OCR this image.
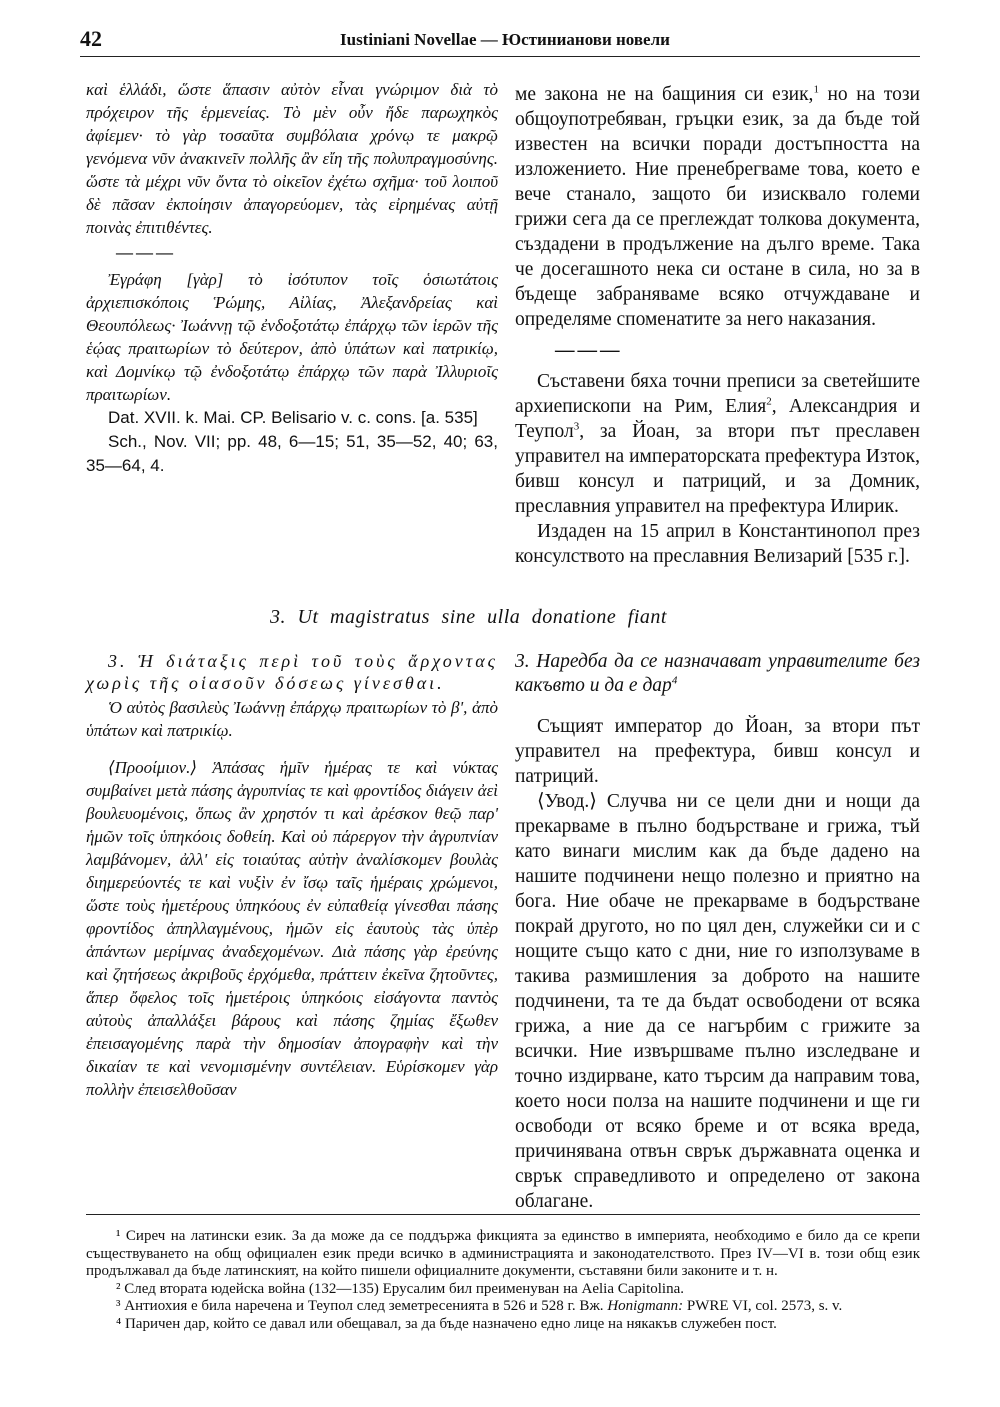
42	Iustiniani Novellae — Юстинианови новели

καὶ ἑλλάδι, ὥστε ἅπασιν αὐτὸν εἶναι γνώριμον διὰ τὸ πρόχειρον τῆς ἑρμενείας. Τὸ μὲν οὖν ἤδε παρωχηκὸς ἀφίεμεν· τὸ γὰρ τοσαῦτα συμβόλαια χρόνῳ τε μακρῷ γενόμενα νῦν ἀνακινεῖν πολλῆς ἂν εἴη τῆς πολυπραγμοσύνης. ὥστε τὰ μέχρι νῦν ὄντα τὸ οἰκεῖον ἐχέτω σχῆμα· τοῦ λοιποῦ δὲ πᾶσαν ἐκποίησιν ἀπαγορεύομεν, τὰς εἰρημένας αὐτῇ ποινὰς ἐπιτιθέντες.

———

Ἐγράφη [γὰρ] τὸ ἰσότυπον τοῖς ὁσιωτάτοις ἀρχιεπισκόποις Ῥώμης, Αἰλίας, Ἀλεξανδρείας καὶ Θεουπόλεως· Ἰωάννῃ τῷ ἐνδοξοτάτῳ ἐπάρχῳ τῶν ἱερῶν τῆς ἑῴας πραιτωρίων τὸ δεύτερον, ἀπὸ ὑπάτων καὶ πατρικίῳ, καὶ Δομνίκῳ τῷ ἐνδοξοτάτῳ ἐπάρχῳ τῶν παρὰ Ἰλλυριοῖς πραιτωρίων.

Dat. XVII. k. Mai. CP. Belisario v. c. cons. [a. 535]

Sch., Nov. VII; pp. 48, 6—15; 51, 35—52, 40; 63, 35—64, 4.

ме закона не на бащиния си език,$^1$ но на този общоупотребяван, гръцки език, за да бъде той известен на всички поради достъпността на изложението. Ние пренебрегваме това, което е вече станало, защото би изисквало големи грижи сега да се преглеждат толкова документа, създадени в продължение на дълго време. Така че досегашното нека си остане в сила, но за в бъдеще забраняваме всяко отчуждаване и определяме споменатите за него наказания.

———

Съставени бяха точни преписи за светейшите архиепископи на Рим, Елия$^2$, Александрия и Теупол$^3$, за Йоан, за втори път преславен управител на императорската префектура Изток, бивш консул и патриций, и за Домник, преславния управител на префектура Илирик.

Издаден на 15 април в Константинопол през консулството на преславния Велизарий [535 г.].

3. Ut magistratus sine ulla donatione fiant

3. Ἡ διάταξις περὶ τοῦ τοὺς ἄρχοντας χωρὶς τῆς οἱασοῦν δόσεως γίνεσθαι.

Ὁ αὐτὸς βασιλεὺς Ἰωάννῃ ἐπάρχῳ πραιτωρίων τὸ β', ἀπὸ ὑπάτων καὶ πατρικίῳ.

⟨Προοίμιον.⟩ Ἁπάσας ἡμῖν ἡμέρας τε καὶ νύκτας συμβαίνει μετὰ πάσης ἀγρυπνίας τε καὶ φροντίδος διάγειν ἀεὶ βουλευομένοις, ὅπως ἂν χρηστόν τι καὶ ἀρέσκον θεῷ παρ' ἡμῶν τοῖς ὑπηκόοις δοθείη. Καὶ οὐ πάρεργον τὴν ἀγρυπνίαν λαμβάνομεν, ἀλλ' εἰς τοιαύτας αὐτὴν ἀναλίσκομεν βουλὰς διημερεύοντές τε καὶ νυξὶν ἐν ἴσῳ ταῖς ἡμέραις χρώμενοι, ὥστε τοὺς ἡμετέρους ὑπηκόους ἐν εὐπαθείᾳ γίνεσθαι πάσης φροντίδος ἀπηλλαγμένους, ἡμῶν εἰς ἑαυτοὺς τὰς ὑπὲρ ἁπάντων μερίμνας ἀναδεχομένων. Διὰ πάσης γὰρ ἐρεύνης καὶ ζητήσεως ἀκριβοῦς ἐρχόμεθα, πράττειν ἐκεῖνα ζητοῦντες, ἅπερ ὄφελος τοῖς ἡμετέροις ὑπηκόοις εἰσάγοντα παντὸς αὐτοὺς ἀπαλλάξει βάρους καὶ πάσης ζημίας ἔξωθεν ἐπεισαγομένης παρὰ τὴν δημοσίαν ἀπογραφὴν καὶ τὴν δικαίαν τε καὶ νενομισμένην συντέλειαν. Εὑρίσκομεν γὰρ πολλὴν ἐπεισελθοῦσαν

3. Наредба да се назначават управителите без какъвто и да е дар$^4$

Същият император до Йоан, за втори път управител на префектура, бивш консул и патриций.

⟨Увод.⟩ Случва ни се цели дни и нощи да прекарваме в пълно бодърстване и грижа, тъй като винаги мислим как да бъде дадено на нашите подчинени нещо полезно и приятно на бога. Ние обаче не прекарваме в бодърстване покрай другото, но по цял ден, служейки си и с нощите също като с дни, ние го използуваме в такива размишления за доброто на нашите подчинени, та те да бъдат освободени от всяка грижа, а ние да се нагърбим с грижите за всички. Ние извършваме пълно изследване и точно издирване, като търсим да направим това, което носи полза на нашите подчинени и ще ги освободи от всяко бреме и от всяка вреда, причинявана отвън сврък държавната оценка и сврък справедливото и определено от закона облагане.

¹ Сиреч на латински език. За да може да се поддържа фикцията за единство в империята, необходимо е било да се крепи съществуването на общ официален език преди всичко в администрацията и законодателството. През IV—VI в. този общ език продължавал да бъде латинският, на който пишели официалните документи, съставяни били законите и т. н.

² След втората юдейска война (132—135) Ерусалим бил преименуван на Aelia Capitolina.

³ Антиохия е била наречена и Теупол след земетресенията в 526 и 528 г. Вж. Honigmann: PWRE VI, col. 2573, s. v.

⁴ Паричен дар, който се давал или обещавал, за да бъде назначено едно лице на някакъв служебен пост.
